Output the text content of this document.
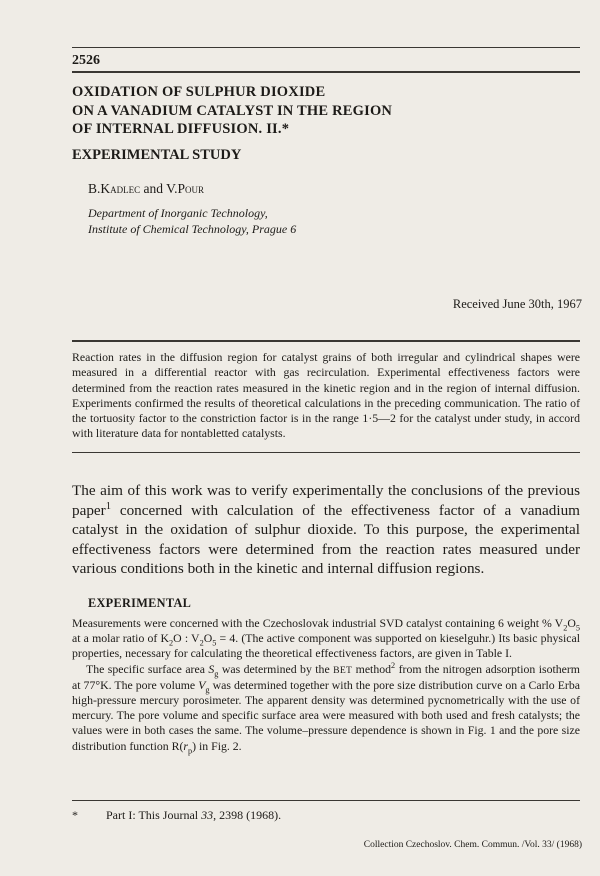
2526
OXIDATION OF SULPHUR DIOXIDE
ON A VANADIUM CATALYST IN THE REGION
OF INTERNAL DIFFUSION. II.*
EXPERIMENTAL STUDY
B.Kadlec and V.Pour
Department of Inorganic Technology,
Institute of Chemical Technology, Prague 6
Received June 30th, 1967
Reaction rates in the diffusion region for catalyst grains of both irregular and cylindrical shapes were measured in a differential reactor with gas recirculation. Experimental effectiveness factors were determined from the reaction rates measured in the kinetic region and in the region of internal diffusion. Experiments confirmed the results of theoretical calculations in the preceding communication. The ratio of the tortuosity factor to the constriction factor is in the range 1·5—2 for the catalyst under study, in accord with literature data for nontabletted catalysts.
The aim of this work was to verify experimentally the conclusions of the previous paper$^1$ concerned with calculation of the effectiveness factor of a vanadium catalyst in the oxidation of sulphur dioxide. To this purpose, the experimental effectiveness factors were determined from the reaction rates measured under various conditions both in the kinetic and internal diffusion regions.
EXPERIMENTAL

Measurements were concerned with the Czechoslovak industrial SVD catalyst containing 6 weight % $V_2O_5$ at a molar ratio of $K_2O$ : $V_2O_5 = 4$. (The active component was supported on kieselguhr.) Its basic physical properties, necessary for calculating the theoretical effectiveness factors, are given in Table I.

The specific surface area $S_g$ was determined by the BET method$^2$ from the nitrogen adsorption isotherm at 77°K. The pore volume $V_g$ was determined together with the pore size distribution curve on a Carlo Erba high-pressure mercury porosimeter. The apparent density was determined pycnometrically with the use of mercury. The pore volume and specific surface area were measured with both used and fresh catalysts; the values were in both cases the same. The volume–pressure dependence is shown in Fig. 1 and the pore size distribution function $R(r_p)$ in Fig. 2.

* Part I: This Journal 33, 2398 (1968).
Collection Czechoslov. Chem. Commun. /Vol. 33/ (1968)
